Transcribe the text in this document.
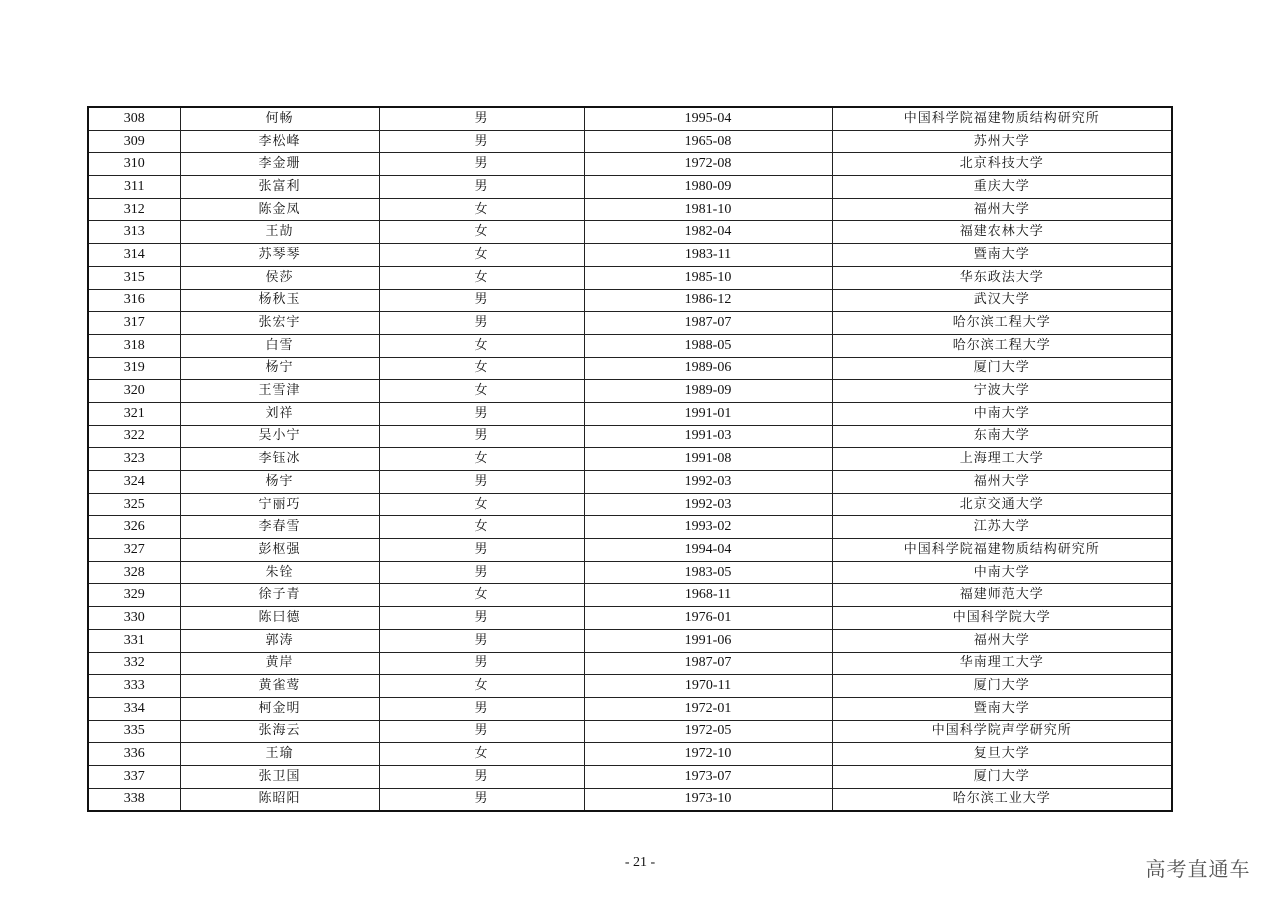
308	何畅	男	1995-04	中国科学院福建物质结构研究所
309	李松峰	男	1965-08	苏州大学
310	李金珊	男	1972-08	北京科技大学
311	张富利	男	1980-09	重庆大学
312	陈金凤	女	1981-10	福州大学
313	王劼	女	1982-04	福建农林大学
314	苏琴琴	女	1983-11	暨南大学
315	侯莎	女	1985-10	华东政法大学
316	杨秋玉	男	1986-12	武汉大学
317	张宏宇	男	1987-07	哈尔滨工程大学
318	白雪	女	1988-05	哈尔滨工程大学
319	杨宁	女	1989-06	厦门大学
320	王雪津	女	1989-09	宁波大学
321	刘祥	男	1991-01	中南大学
322	吴小宁	男	1991-03	东南大学
323	李钰冰	女	1991-08	上海理工大学
324	杨宇	男	1992-03	福州大学
325	宁丽巧	女	1992-03	北京交通大学
326	李春雪	女	1993-02	江苏大学
327	彭枢强	男	1994-04	中国科学院福建物质结构研究所
328	朱铨	男	1983-05	中南大学
329	徐子青	女	1968-11	福建师范大学
330	陈曰德	男	1976-01	中国科学院大学
331	郭涛	男	1991-06	福州大学
332	黄岸	男	1987-07	华南理工大学
333	黄雀莺	女	1970-11	厦门大学
334	柯金明	男	1972-01	暨南大学
335	张海云	男	1972-05	中国科学院声学研究所
336	王瑜	女	1972-10	复旦大学
337	张卫国	男	1973-07	厦门大学
338	陈昭阳	男	1973-10	哈尔滨工业大学
- 21 -	高考直通车
